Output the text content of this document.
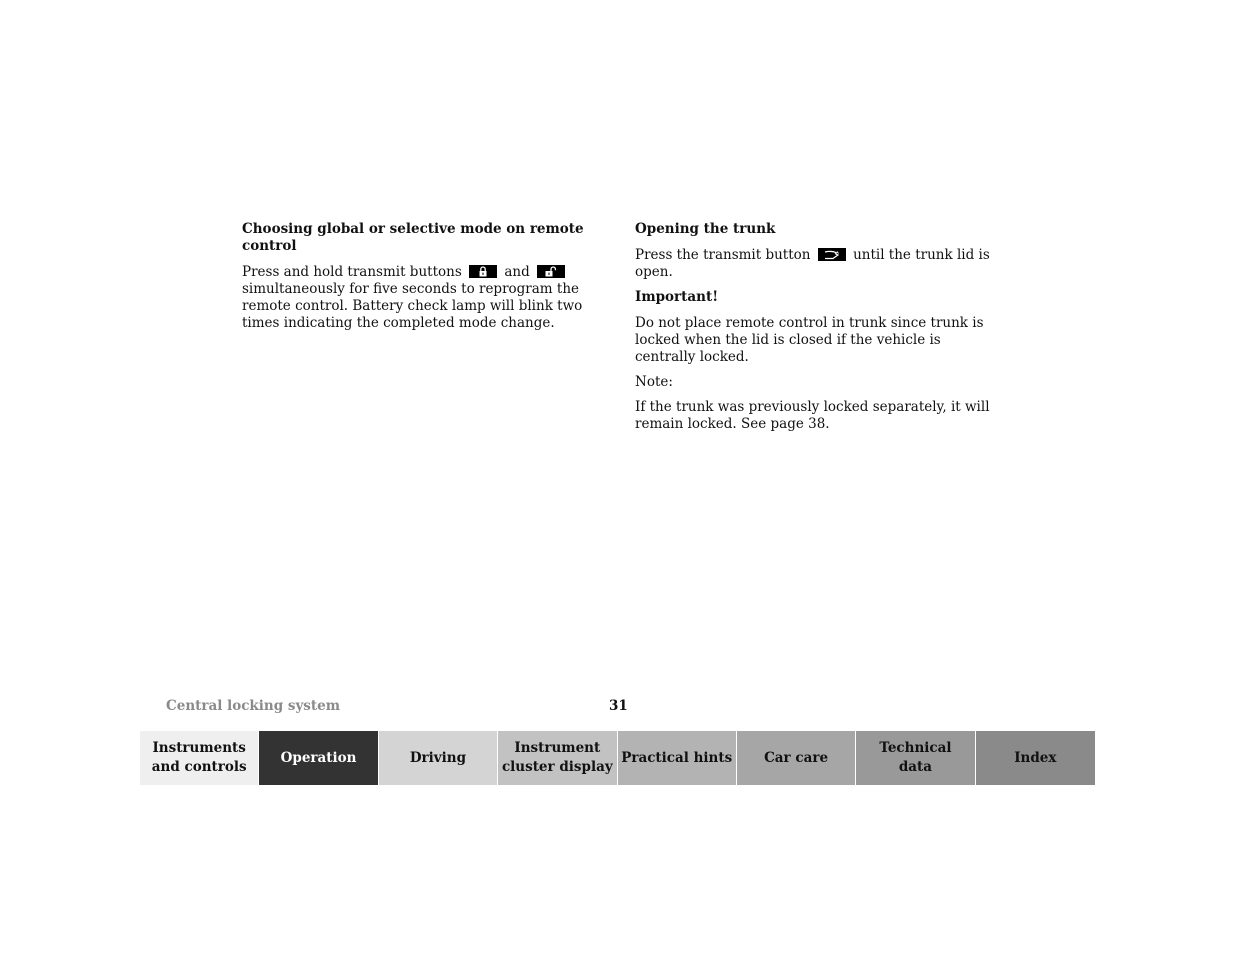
Choosing global or selective mode on remote control

Press and hold transmit buttons	and
simultaneously for five seconds to reprogram the remote control. Battery check lamp will blink two times indicating the completed mode change.

Opening the trunk

Press the transmit button	until the trunk lid is open.

Important!

Do not place remote control in trunk since trunk is locked when the lid is closed if the vehicle is centrally locked.

Note:

If the trunk was previously locked separately, it will remain locked. See page 38.

Central locking system	31
Instruments
and controls
Operation	Driving
Instrument
cluster display
Practical hints	Car care
Technical
data
Index
